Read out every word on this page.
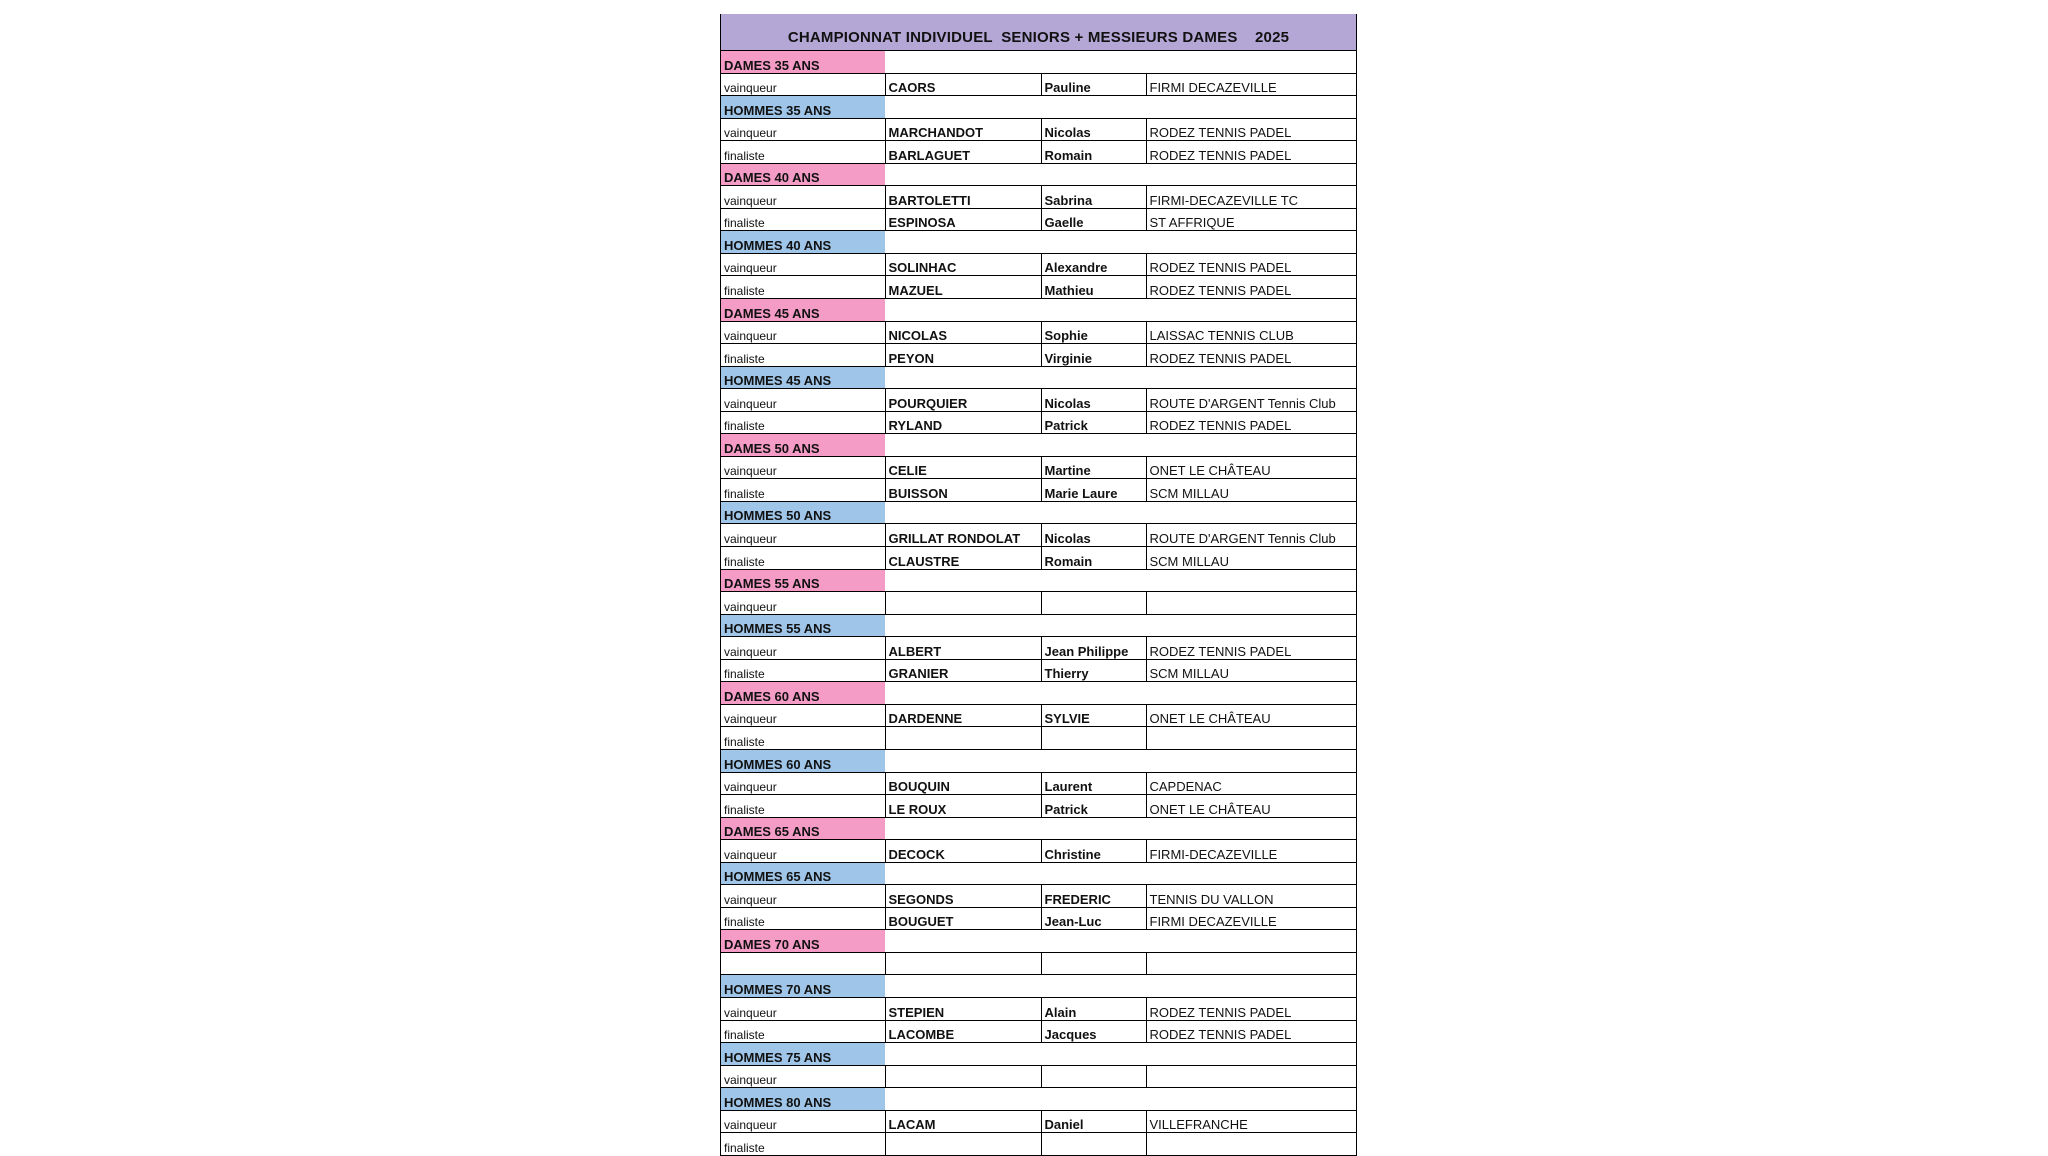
CHAMPIONNAT INDIVIDUEL  SENIORS + MESSIEURS DAMES    2025
DAMES 35 ANS			
vainqueur	CAORS	Pauline	FIRMI DECAZEVILLE
HOMMES 35 ANS			
vainqueur	MARCHANDOT	Nicolas	RODEZ TENNIS PADEL
finaliste	BARLAGUET	Romain	RODEZ TENNIS PADEL
DAMES 40 ANS			
vainqueur	BARTOLETTI	Sabrina	FIRMI-DECAZEVILLE TC
finaliste	ESPINOSA	Gaelle	ST AFFRIQUE
HOMMES 40 ANS			
vainqueur	SOLINHAC	Alexandre	RODEZ TENNIS PADEL
finaliste	MAZUEL	Mathieu	RODEZ TENNIS PADEL
DAMES 45 ANS			
vainqueur	NICOLAS	Sophie	LAISSAC TENNIS CLUB
finaliste	PEYON	Virginie	RODEZ TENNIS PADEL
HOMMES 45 ANS			
vainqueur	POURQUIER	Nicolas	ROUTE D'ARGENT Tennis Club
finaliste	RYLAND	Patrick	RODEZ TENNIS PADEL
DAMES 50 ANS			
vainqueur	CELIE	Martine	ONET LE CHÂTEAU
finaliste	BUISSON	Marie Laure	SCM MILLAU
HOMMES 50 ANS			
vainqueur	GRILLAT RONDOLAT	Nicolas	ROUTE D'ARGENT Tennis Club
finaliste	CLAUSTRE	Romain	SCM MILLAU
DAMES 55 ANS			
vainqueur			
HOMMES 55 ANS			
vainqueur	ALBERT	Jean Philippe	RODEZ TENNIS PADEL
finaliste	GRANIER	Thierry	SCM MILLAU
DAMES 60 ANS			
vainqueur	DARDENNE	SYLVIE	ONET LE CHÂTEAU
finaliste			
HOMMES 60 ANS			
vainqueur	BOUQUIN	Laurent	CAPDENAC
finaliste	LE ROUX	Patrick	ONET LE CHÂTEAU
DAMES 65 ANS			
vainqueur	DECOCK	Christine	FIRMI-DECAZEVILLE
HOMMES 65 ANS			
vainqueur	SEGONDS	FREDERIC	TENNIS DU VALLON
finaliste	BOUGUET	Jean-Luc	FIRMI DECAZEVILLE
DAMES 70 ANS			

HOMMES 70 ANS			
vainqueur	STEPIEN	Alain	RODEZ TENNIS PADEL
finaliste	LACOMBE	Jacques	RODEZ TENNIS PADEL
HOMMES 75 ANS			
vainqueur			
HOMMES 80 ANS			
vainqueur	LACAM	Daniel	VILLEFRANCHE
finaliste			
